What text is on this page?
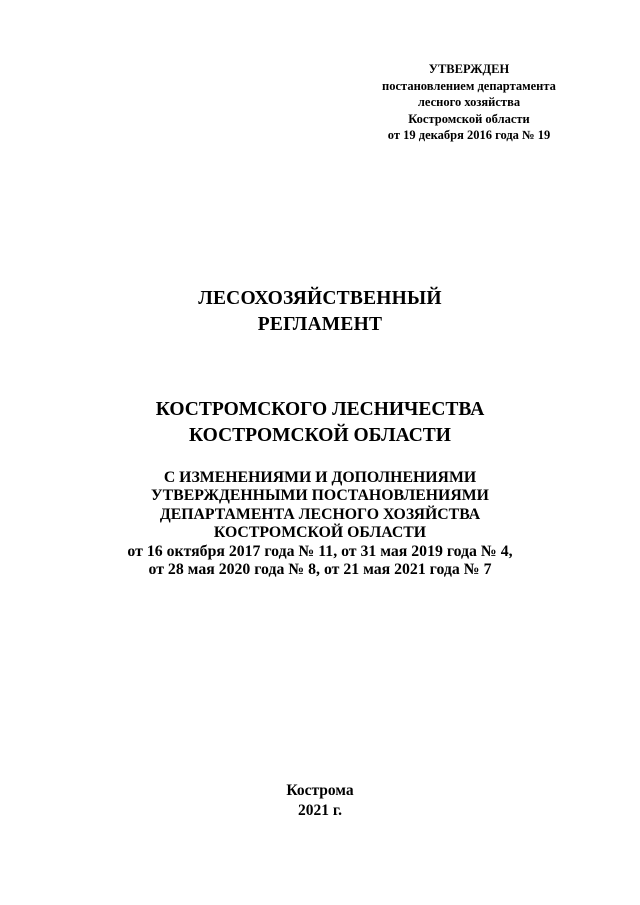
УТВЕРЖДЕН
постановлением департамента
лесного хозяйства
Костромской области
от 19 декабря 2016 года № 19
ЛЕСОХОЗЯЙСТВЕННЫЙ
РЕГЛАМЕНТ
КОСТРОМСКОГО ЛЕСНИЧЕСТВА
КОСТРОМСКОЙ ОБЛАСТИ
С ИЗМЕНЕНИЯМИ И ДОПОЛНЕНИЯМИ
УТВЕРЖДЕННЫМИ ПОСТАНОВЛЕНИЯМИ
ДЕПАРТАМЕНТА ЛЕСНОГО ХОЗЯЙСТВА
КОСТРОМСКОЙ ОБЛАСТИ
от 16 октября 2017 года № 11, от 31 мая 2019 года № 4,
от 28 мая 2020 года № 8, от 21 мая 2021 года № 7
Кострома
2021 г.
